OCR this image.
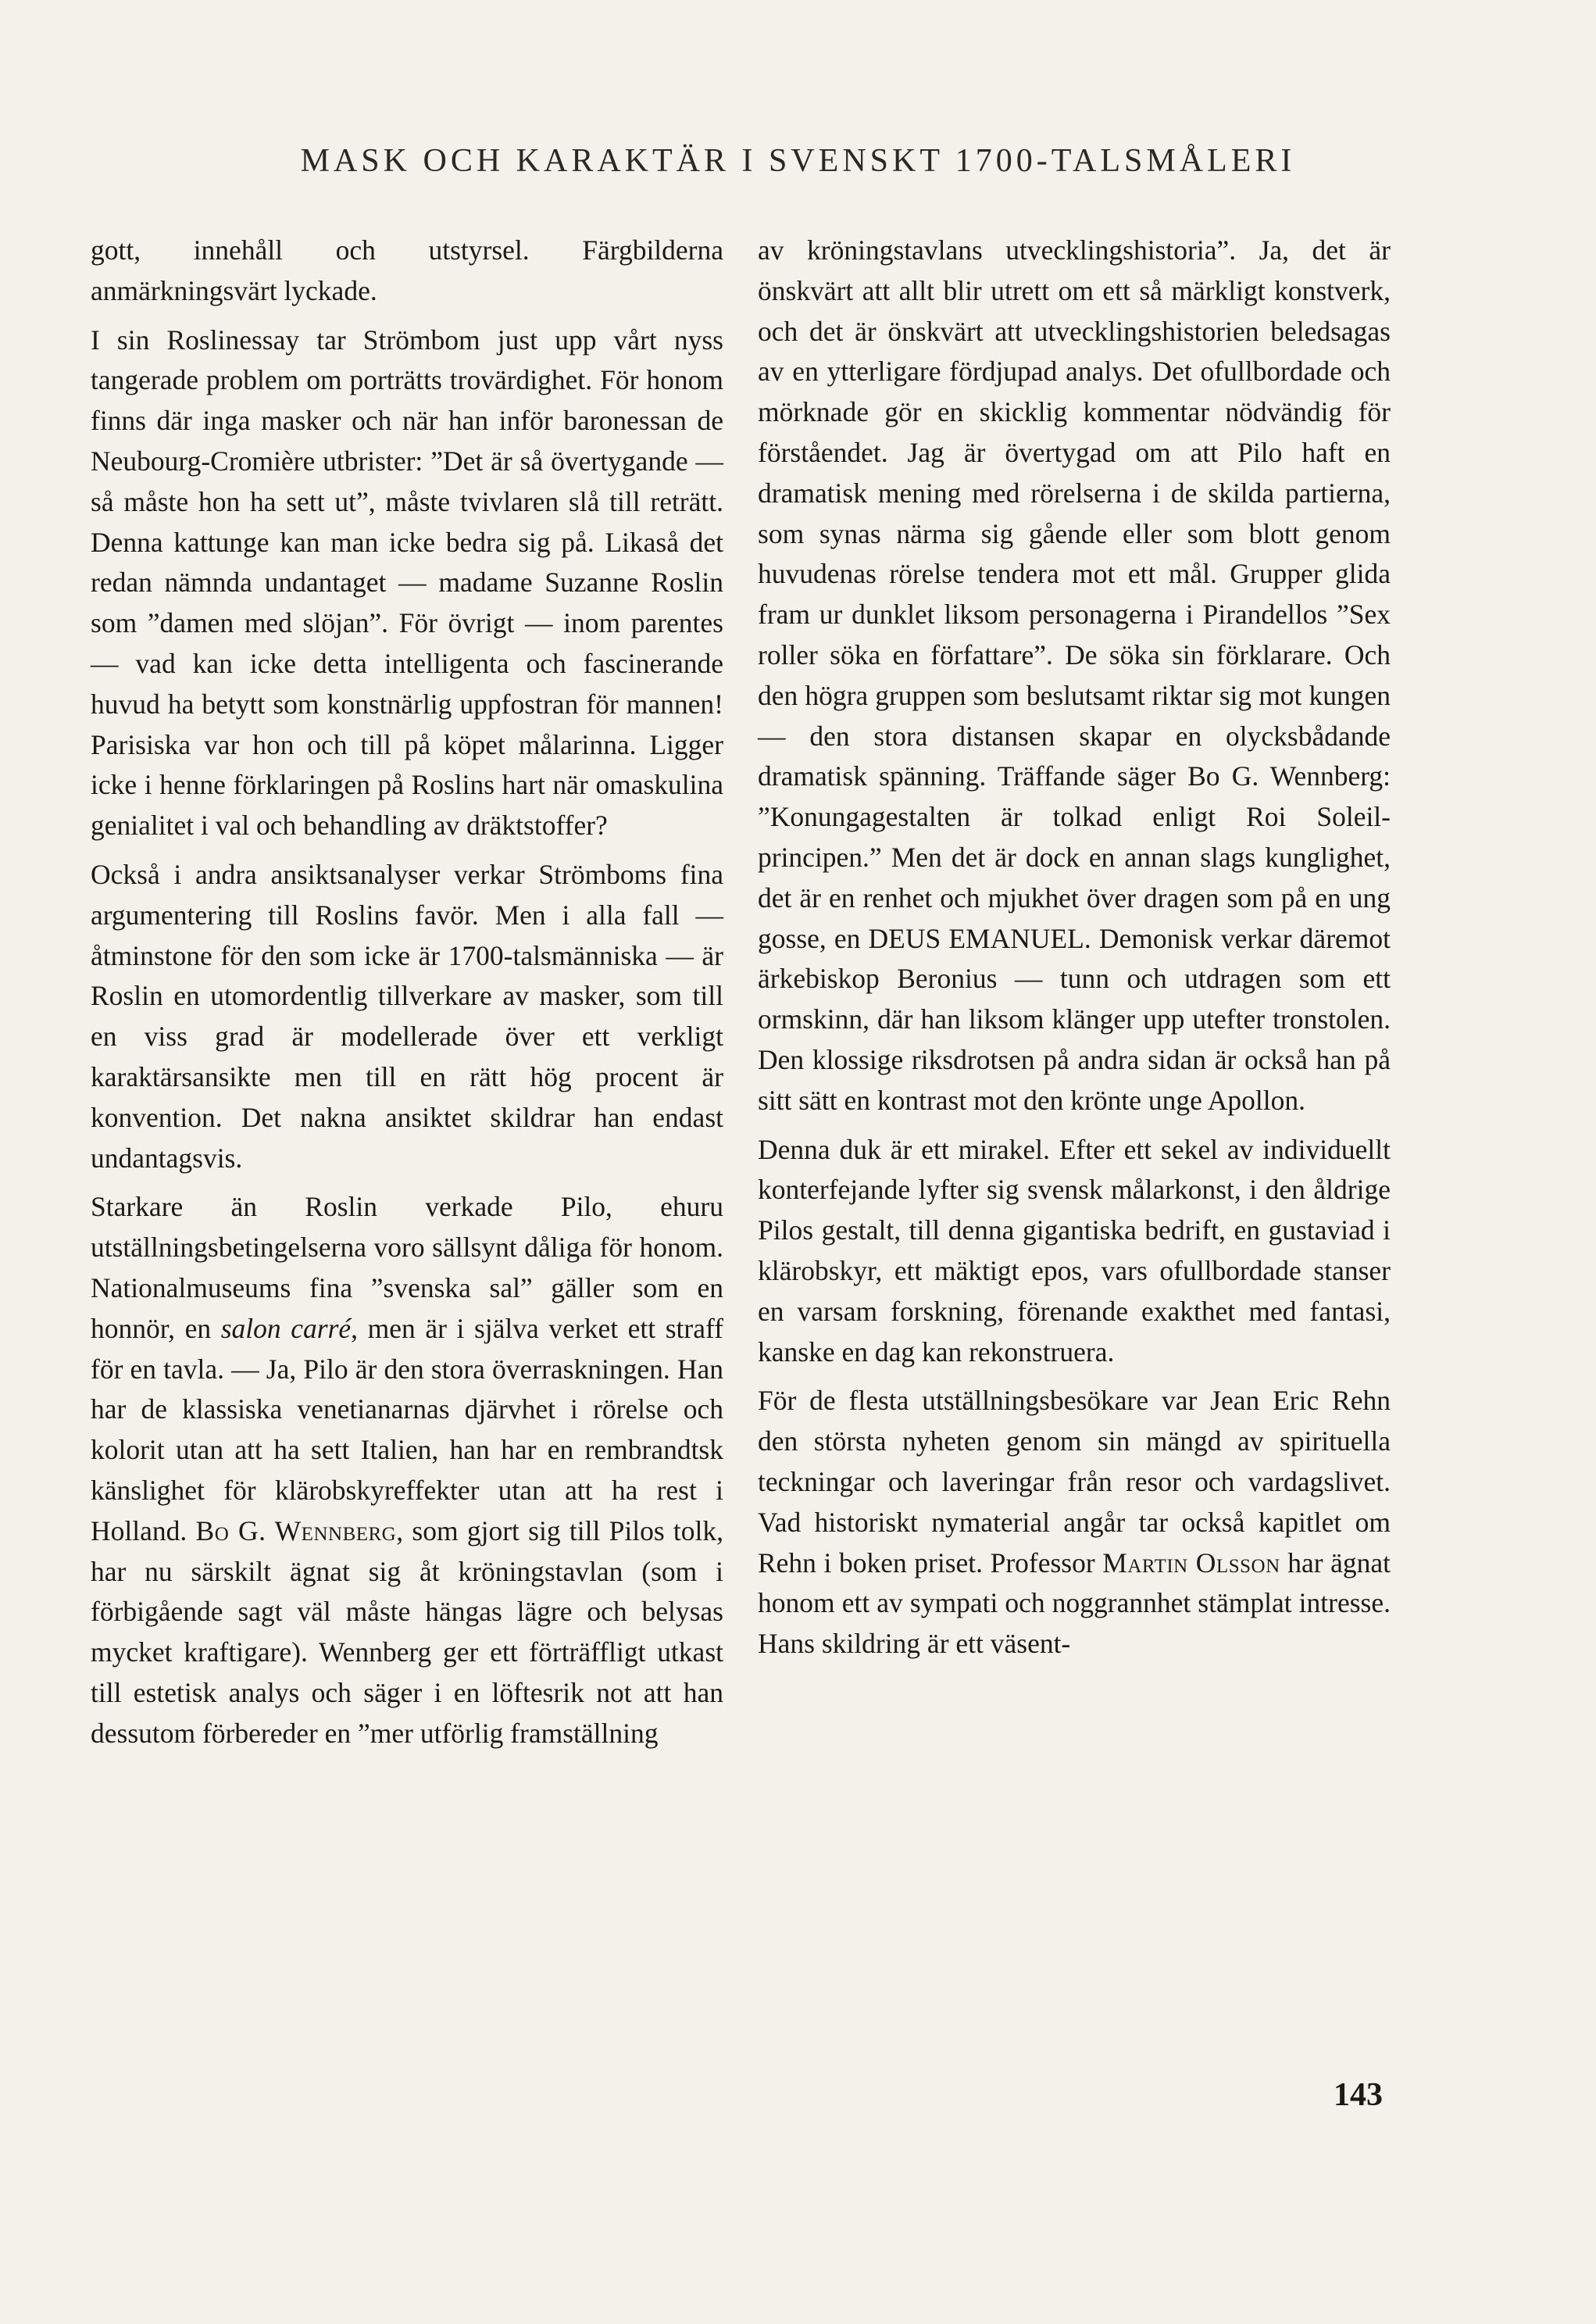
MASK OCH KARAKTÄR I SVENSKT 1700-TALSMÅLERI

gott, innehåll och utstyrsel. Färgbilderna anmärkningsvärt lyckade.

I sin Roslinessay tar Strömbom just upp vårt nyss tangerade problem om porträtts trovärdighet. För honom finns där inga masker och när han inför baronessan de Neubourg-Cromière utbrister: ”Det är så övertygande — så måste hon ha sett ut”, måste tvivlaren slå till reträtt. Denna kattunge kan man icke bedra sig på. Likaså det redan nämnda undantaget — madame Suzanne Roslin som ”damen med slöjan”. För övrigt — inom parentes — vad kan icke detta intelligenta och fascinerande huvud ha betytt som konstnärlig uppfostran för mannen! Parisiska var hon och till på köpet målarinna. Ligger icke i henne förklaringen på Roslins hart när omaskulina genialitet i val och behandling av dräktstoffer?

Också i andra ansiktsanalyser verkar Strömboms fina argumentering till Roslins favör. Men i alla fall — åtminstone för den som icke är 1700-talsmänniska — är Roslin en utomordentlig tillverkare av masker, som till en viss grad är modellerade över ett verkligt karaktärsansikte men till en rätt hög procent är konvention. Det nakna ansiktet skildrar han endast undantagsvis.

Starkare än Roslin verkade Pilo, ehuru utställningsbetingelserna voro sällsynt dåliga för honom. Nationalmuseums fina ”svenska sal” gäller som en honnör, en salon carré, men är i själva verket ett straff för en tavla. — Ja, Pilo är den stora överraskningen. Han har de klassiska venetianarnas djärvhet i rörelse och kolorit utan att ha sett Italien, han har en rembrandtsk känslighet för klärobskyreffekter utan att ha rest i Holland. Bo G. Wennberg, som gjort sig till Pilos tolk, har nu särskilt ägnat sig åt kröningstavlan (som i förbigående sagt väl måste hängas lägre och belysas mycket kraftigare). Wennberg ger ett förträffligt utkast till estetisk analys och säger i en löftesrik not att han dessutom förbereder en ”mer utförlig framställning

av kröningstavlans utvecklingshistoria”. Ja, det är önskvärt att allt blir utrett om ett så märkligt konstverk, och det är önskvärt att utvecklingshistorien beledsagas av en ytterligare fördjupad analys. Det ofullbordade och mörknade gör en skicklig kommentar nödvändig för förståendet. Jag är övertygad om att Pilo haft en dramatisk mening med rörelserna i de skilda partierna, som synas närma sig gående eller som blott genom huvudenas rörelse tendera mot ett mål. Grupper glida fram ur dunklet liksom personagerna i Pirandellos ”Sex roller söka en författare”. De söka sin förklarare. Och den högra gruppen som beslutsamt riktar sig mot kungen — den stora distansen skapar en olycksbådande dramatisk spänning. Träffande säger Bo G. Wennberg: ”Konungagestalten är tolkad enligt Roi Soleil-principen.” Men det är dock en annan slags kunglighet, det är en renhet och mjukhet över dragen som på en ung gosse, en DEUS EMANUEL. Demonisk verkar däremot ärkebiskop Beronius — tunn och utdragen som ett ormskinn, där han liksom klänger upp utefter tronstolen. Den klossige riksdrotsen på andra sidan är också han på sitt sätt en kontrast mot den krönte unge Apollon.

Denna duk är ett mirakel. Efter ett sekel av individuellt konterfejande lyfter sig svensk målarkonst, i den åldrige Pilos gestalt, till denna gigantiska bedrift, en gustaviad i klärobskyr, ett mäktigt epos, vars ofullbordade stanser en varsam forskning, förenande exakthet med fantasi, kanske en dag kan rekonstruera.

För de flesta utställningsbesökare var Jean Eric Rehn den största nyheten genom sin mängd av spirituella teckningar och laveringar från resor och vardagslivet. Vad historiskt nymaterial angår tar också kapitlet om Rehn i boken priset. Professor Martin Olsson har ägnat honom ett av sympati och noggrannhet stämplat intresse. Hans skildring är ett väsent-

143
